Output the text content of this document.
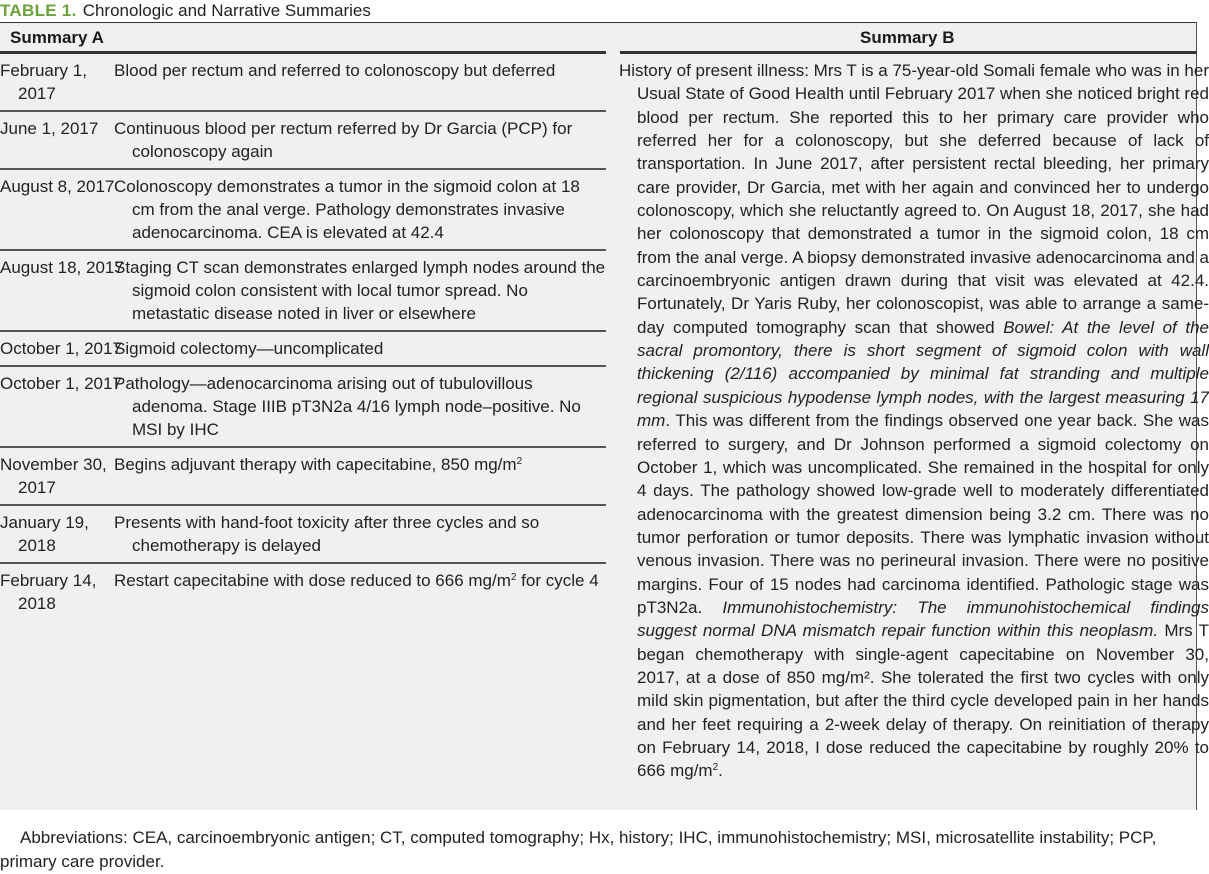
TABLE 1. Chronologic and Narrative Summaries
Summary A	Summary B
February 1, 2017
Blood per rectum and referred to colonoscopy but deferred
June 1, 2017 Continuous blood per rectum referred by Dr Garcia (PCP) for colonoscopy again
August 8, 2017 Colonoscopy demonstrates a tumor in the sigmoid colon at 18 cm from the anal verge. Pathology demonstrates invasive adenocarcinoma. CEA is elevated at 42.4
August 18, 2017
Staging CT scan demonstrates enlarged lymph nodes around the sigmoid colon consistent with local tumor spread. No metastatic disease noted in liver or elsewhere
October 1, 2017
Sigmoid colectomy—uncomplicated
October 1, 2017
Pathology—adenocarcinoma arising out of tubulovillous adenoma. Stage IIIB pT3N2a 4/16 lymph node–positive. No MSI by IHC
November 30, 2017
Begins adjuvant therapy with capecitabine, 850 $mg/m^2$
January 19, 2018
Presents with hand-foot toxicity after three cycles and so chemotherapy is delayed
February 14, 2018
Restart capecitabine with dose reduced to 666 $mg/m^2$ for cycle 4
History of present illness: Mrs T is a 75-year-old Somali female who was in her Usual State of Good Health until February 2017 when she noticed bright red blood per rectum. She reported this to her primary care provider who referred her for a colonoscopy, but she deferred because of lack of transportation. In June 2017, after persistent rectal bleeding, her primary care provider, Dr Garcia, met with her again and convinced her to undergo colonoscopy, which she reluctantly agreed to. On August 18, 2017, she had her colonoscopy that demonstrated a tumor in the sigmoid colon, 18 cm from the anal verge. A biopsy demonstrated invasive adenocarcinoma and a carcinoembryonic antigen drawn during that visit was elevated at 42.4. Fortunately, Dr Yaris Ruby, her colonoscopist, was able to arrange a same-day computed tomography scan that showed Bowel: At the level of the sacral promontory, there is short segment of sigmoid colon with wall thickening (2/116) accompanied by minimal fat stranding and multiple regional suspicious hypodense lymph nodes, with the largest measuring 17 mm. This was different from the findings observed one year back. She was referred to surgery, and Dr Johnson performed a sigmoid colectomy on October 1, which was uncomplicated. She remained in the hospital for only 4 days. The pathology showed low-grade well to moderately differentiated adenocarcinoma with the greatest dimension being 3.2 cm. There was no tumor perforation or tumor deposits. There was lymphatic invasion without venous invasion. There was no perineural invasion. There were no positive margins. Four of 15 nodes had carcinoma identified. Pathologic stage was pT3N2a. Immunohistochemistry: The immunohistochemical findings suggest normal DNA mismatch repair function within this neoplasm. Mrs T began chemotherapy with single-agent capecitabine on November 30, 2017, at a dose of 850 mg/m². She tolerated the first two cycles with only mild skin pigmentation, but after the third cycle developed pain in her hands and her feet requiring a 2-week delay of therapy. On reinitiation of therapy on February 14, 2018, I dose reduced the capecitabine by roughly 20% to 666 $mg/m^2$.
Abbreviations: CEA, carcinoembryonic antigen; CT, computed tomography; Hx, history; IHC, immunohistochemistry; MSI, microsatellite instability; PCP,
primary care provider.
